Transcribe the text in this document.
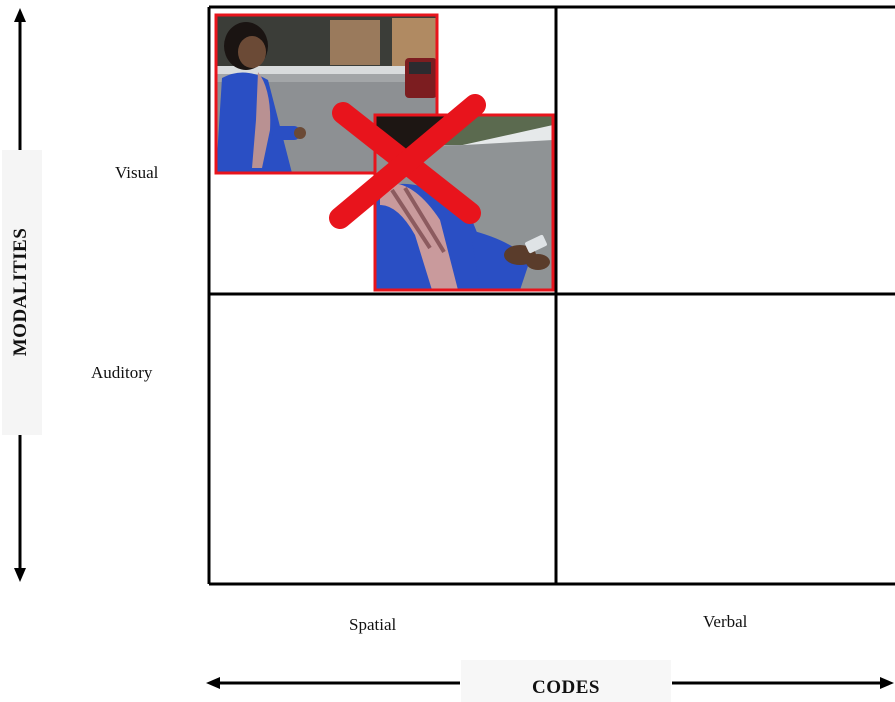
MODALITIES
Visual
Auditory
Spatial	Verbal
CODES
